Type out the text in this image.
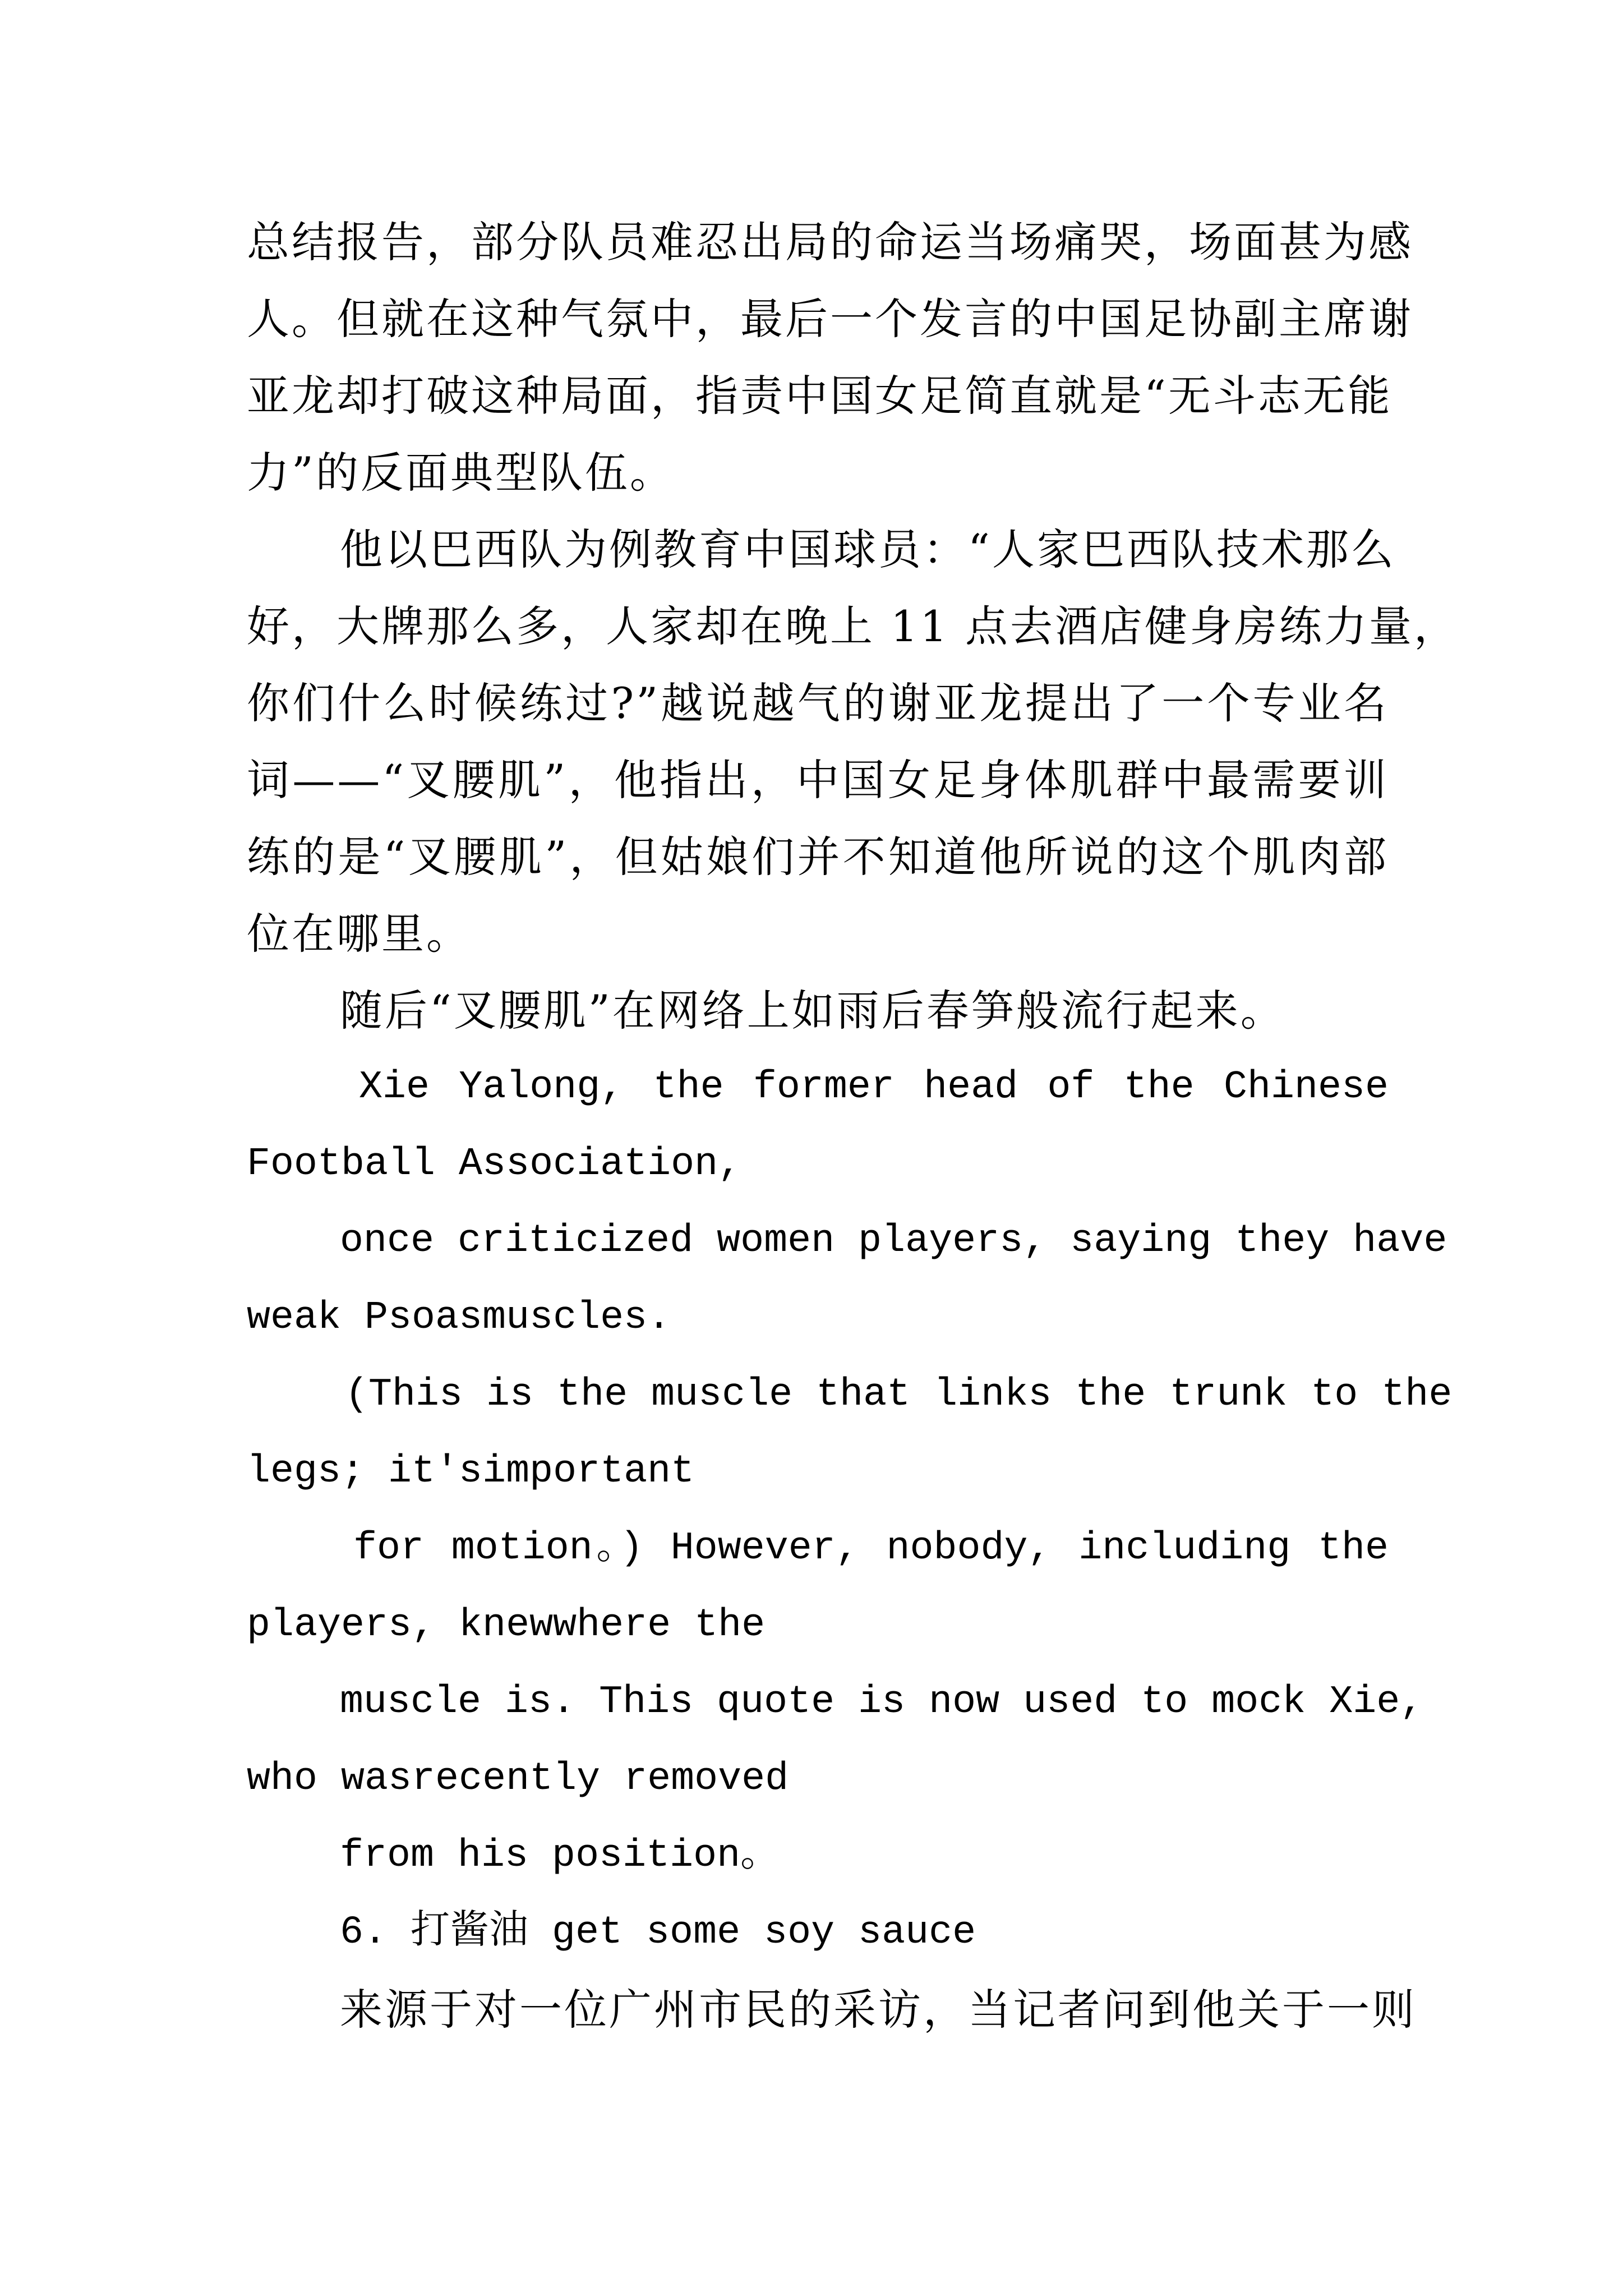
总结报告，部分队员难忍出局的命运当场痛哭，场面甚为感
人。但就在这种气氛中，最后一个发言的中国足协副主席谢
亚龙却打破这种局面，指责中国女足简直就是“无斗志无能
力”的反面典型队伍。
他以巴西队为例教育中国球员：“人家巴西队技术那么
好，大牌那么多，人家却在晚上 11 点去酒店健身房练力量，
你们什么时候练过?”越说越气的谢亚龙提出了一个专业名
词——“叉腰肌”，他指出，中国女足身体肌群中最需要训
练的是“叉腰肌”，但姑娘们并不知道他所说的这个肌肉部
位在哪里。
随后“叉腰肌”在网络上如雨后春笋般流行起来。
Xie Yalong, the former head of the Chinese
Football Association,
once criticized women players, saying they have
weak Psoasmuscles.
(This is the muscle that links the trunk to the
legs; it'simportant
for motion。) However, nobody, including the
players, knewwhere the
muscle is. This quote is now used to mock Xie,
who wasrecently removed
from his position。
6. 打酱油 get some soy sauce
来源于对一位广州市民的采访，当记者问到他关于一则
